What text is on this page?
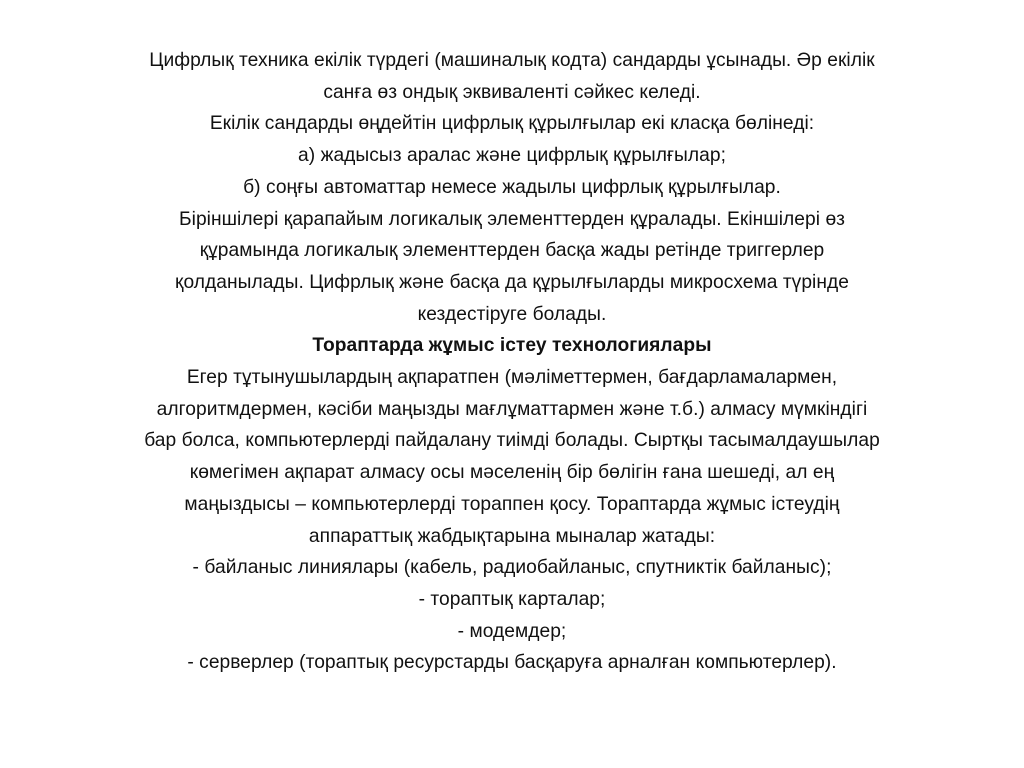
Цифрлық техника екілік түрдегі (машиналық кодта) сандарды ұсынады. Әр екілік
санға өз ондық эквиваленті сәйкес келеді.
Екілік сандарды өңдейтін цифрлық құрылғылар екі класқа бөлінеді:
а) жадысыз аралас және цифрлық құрылғылар;
б) соңғы автоматтар немесе жадылы цифрлық құрылғылар.
Біріншілері қарапайым логикалық элементтерден құралады. Екіншілері өз
құрамында логикалық элементтерден басқа жады ретінде триггерлер
қолданылады. Цифрлық және басқа да құрылғыларды микросхема түрінде
кездестіруге болады.
Тораптарда жұмыс істеу технологиялары
Егер тұтынушылардың ақпаратпен (мәліметтермен, бағдарламалармен,
алгоритмдермен, кәсіби маңызды мағлұматтармен және т.б.) алмасу мүмкіндігі
бар болса, компьютерлерді пайдалану тиімді болады. Сыртқы тасымалдаушылар
көмегімен ақпарат алмасу осы мәселенің бір бөлігін ғана шешеді, ал ең
маңыздысы – компьютерлерді тораппен қосу. Тораптарда жұмыс істеудің
аппараттық жабдықтарына мыналар жатады:
- байланыс линиялары (кабель, радиобайланыс, спутниктік байланыс);
- тораптық карталар;
- модемдер;
- серверлер (тораптық ресурстарды басқаруға арналған компьютерлер).
